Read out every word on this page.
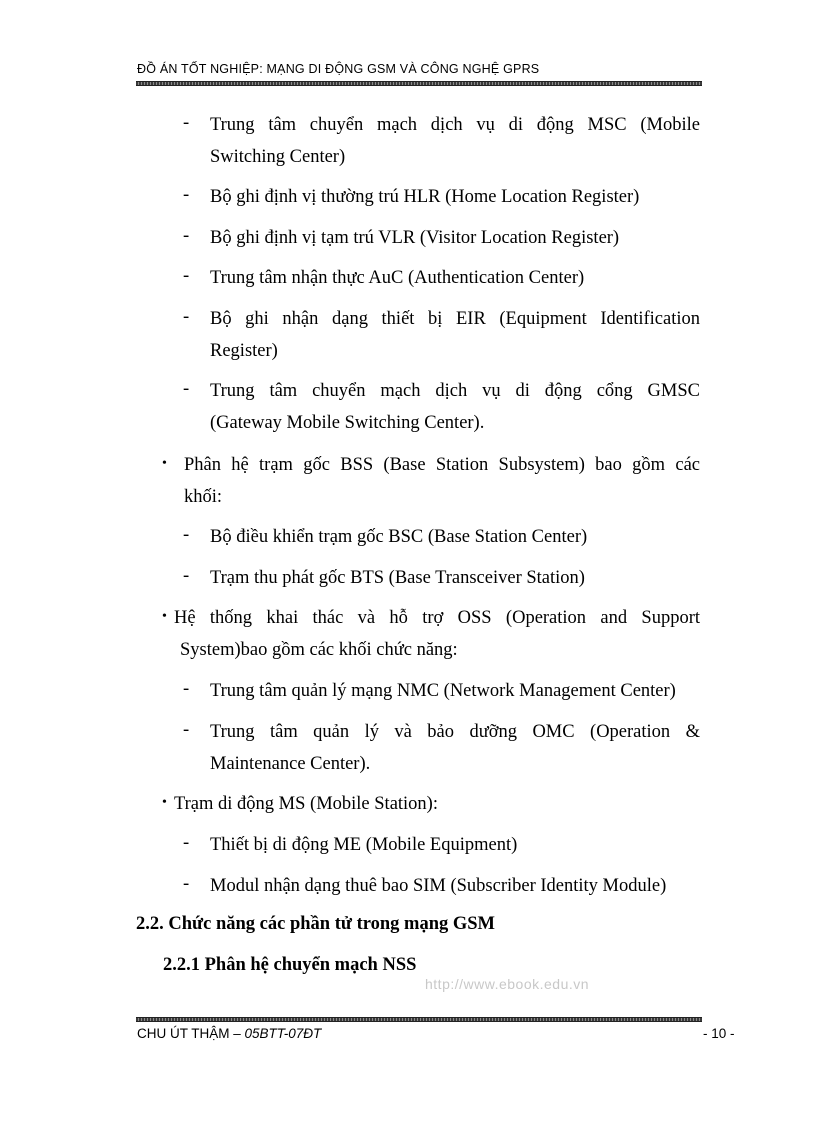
ĐỒ ÁN TỐT NGHIỆP: MẠNG DI ĐỘNG GSM VÀ CÔNG NGHỆ GPRS
- Trung tâm chuyển mạch dịch vụ di động MSC (Mobile
Switching Center)
- Bộ ghi định vị thường trú HLR (Home Location Register)
- Bộ ghi định vị tạm trú VLR (Visitor Location Register)
- Trung tâm nhận thực AuC (Authentication Center)
- Bộ ghi nhận dạng thiết bị EIR (Equipment Identification
Register)
- Trung tâm chuyển mạch dịch vụ di động cổng GMSC
(Gateway Mobile Switching Center).
• Phân hệ trạm gốc BSS (Base Station Subsystem) bao gồm các
khối:
- Bộ điều khiển trạm gốc BSC (Base Station Center)
- Trạm thu phát gốc BTS (Base Transceiver Station)
• Hệ thống khai thác và hỗ trợ OSS (Operation and Support
System)bao gồm các khối chức năng:
- Trung tâm quản lý mạng NMC (Network Management Center)
- Trung tâm quản lý và bảo dưỡng OMC (Operation &
Maintenance Center).
• Trạm di động MS (Mobile Station):
- Thiết bị di động ME (Mobile Equipment)
- Modul nhận dạng thuê bao SIM (Subscriber Identity Module)
2.2. Chức năng các phần tử trong mạng GSM
2.2.1 Phân hệ chuyển mạch NSS
http://www.ebook.edu.vn
CHU ÚT THẬM – 05BTT-07ĐT	- 10 -
